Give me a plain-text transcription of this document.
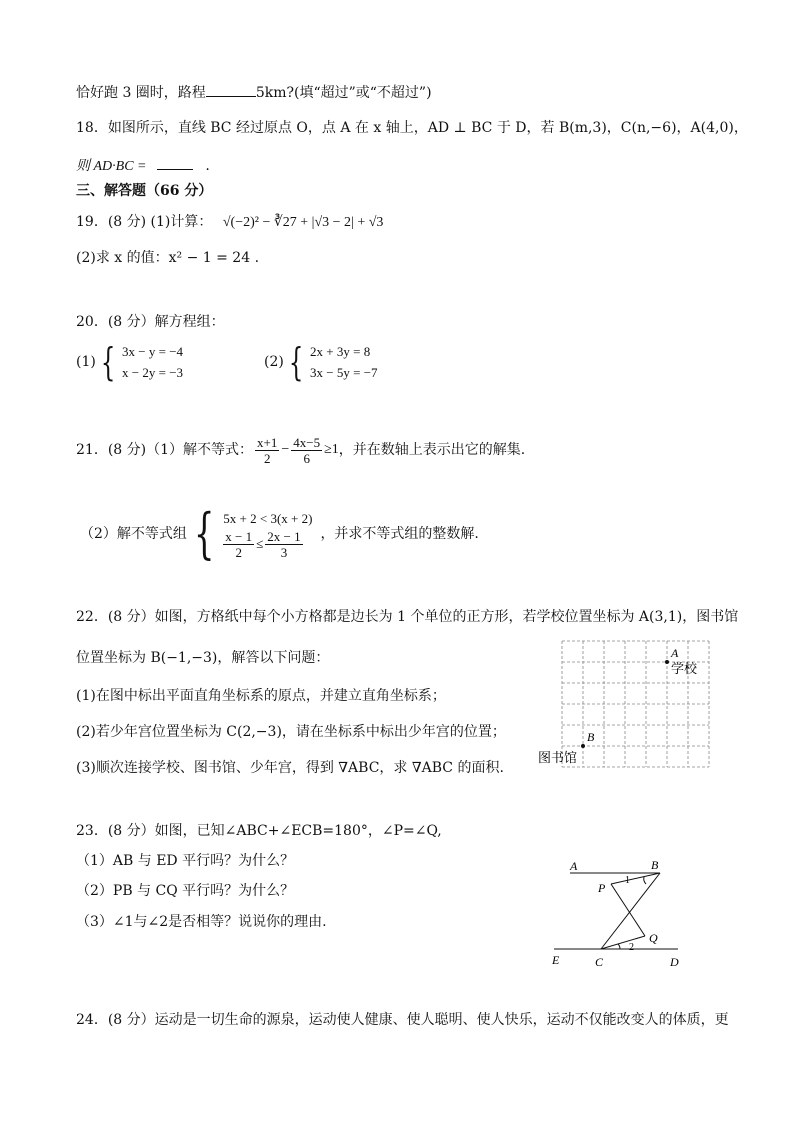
恰好跑 3 圈时，路程	5km?(填“超过”或“不超过”)
18．如图所示，直线 BC 经过原点 O，点 A 在 x 轴上，AD ⊥ BC 于 D，若 B(m,3)，C(n,−6)，A(4,0)，
则 AD·BC =	.
三、解答题（66 分）
19．(8 分) (1)计算： √(−2)² − ∛27 + |√3 − 2| + √3
(2)求 x 的值：x² − 1 = 24 .
20．(8 分）解方程组：
(1) { 3x − y = −4
x − 2y = −3
(2) { 2x + 3y = 8
3x − 5y = −7
21．(8 分)（1）解不等式： $\frac{x+1}{2} - \frac{4x-5}{6} \ge 1$ ，并在数轴上表示出它的解集.
（2）解不等式组 { 5x + 2 < 3(x + 2)
$\frac{x - 1}{2} \le \frac{2x - 1}{3}$ ，并求不等式组的整数解.
22．(8 分）如图，方格纸中每个小方格都是边长为 1 个单位的正方形，若学校位置坐标为 A(3,1)，图书馆
位置坐标为 B(−1,−3)，解答以下问题：
(1)在图中标出平面直角坐标系的原点，并建立直角坐标系；
(2)若少年宫位置坐标为 C(2,−3)，请在坐标系中标出少年宫的位置；
(3)顺次连接学校、图书馆、少年宫，得到 ∇ABC，求 ∇ABC 的面积.
A
学校
B
图书馆
23．(8 分）如图，已知∠ABC+∠ECB=180°，∠P=∠Q,
（1）AB 与 ED 平行吗？为什么？
（2）PB 与 CQ 平行吗？为什么？
（3）∠1与∠2是否相等？说说你的理由.
A	B
P
1
Q
2
E	C	D
24．(8 分）运动是一切生命的源泉，运动使人健康、使人聪明、使人快乐，运动不仅能改变人的体质，更
